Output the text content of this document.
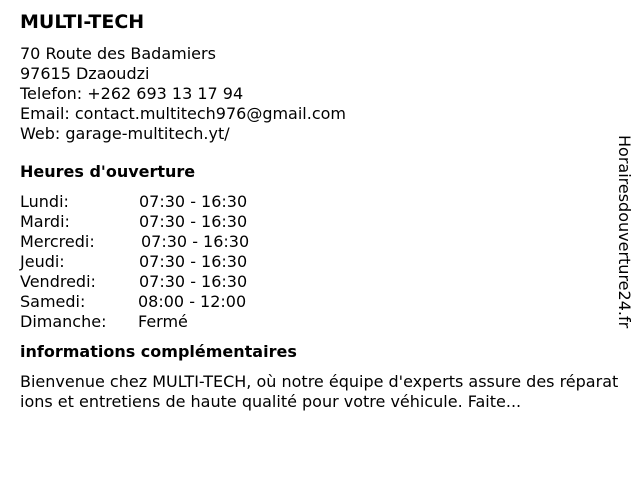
MULTI-TECH
70 Route des Badamiers
97615 Dzaoudzi
Telefon: +262 693 13 17 94
Email: contact.multitech976@gmail.com
Web: garage-multitech.yt/
Heures d'ouverture
Lundi:	07:30 - 16:30
Mardi:	07:30 - 16:30
Mercredi:	07:30 - 16:30
Jeudi:	07:30 - 16:30
Vendredi:	07:30 - 16:30
Samedi:	08:00 - 12:00
Dimanche:	Fermé
informations complémentaires

Bienvenue chez MULTI-TECH, où notre équipe d'experts assure des réparations et entretiens de haute qualité pour votre véhicule. Faite...

Horairesdouverture24.fr
